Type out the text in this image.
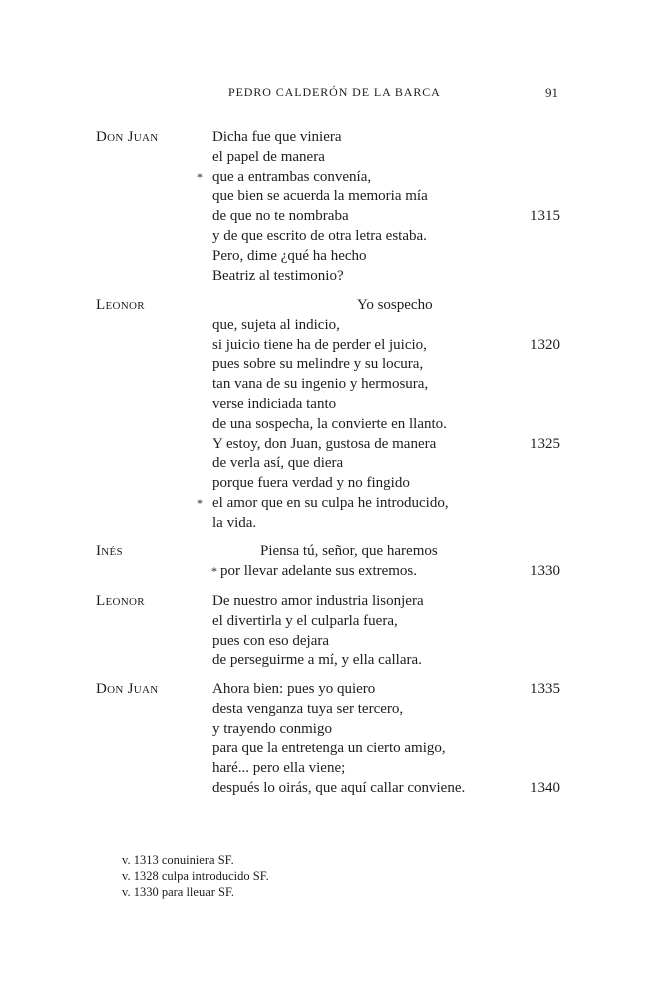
PEDRO CALDERÓN DE LA BARCA	91
Don Juan	Dicha fue que viniera
el papel de manera
* que a entrambas convenía,
que bien se acuerda la memoria mía
de que no te nombraba	1315
y de que escrito de otra letra estaba.
Pero, dime ¿qué ha hecho
Beatriz al testimonio?
Leonor	Yo sospecho
que, sujeta al indicio,
si juicio tiene ha de perder el juicio,	1320
pues sobre su melindre y su locura,
tan vana de su ingenio y hermosura,
verse indiciada tanto
de una sospecha, la convierte en llanto.
Y estoy, don Juan, gustosa de manera	1325
de verla así, que diera
porque fuera verdad y no fingido
* el amor que en su culpa he introducido,
la vida.
Inés	Piensa tú, señor, que haremos
* por llevar adelante sus extremos.	1330
Leonor	De nuestro amor industria lisonjera
el divertirla y el culparla fuera,
pues con eso dejara
de perseguirme a mí, y ella callara.
Don Juan	Ahora bien: pues yo quiero	1335
desta venganza tuya ser tercero,
y trayendo conmigo
para que la entretenga un cierto amigo,
haré... pero ella viene;
después lo oirás, que aquí callar conviene.	1340
v. 1313 conuiniera SF.
v. 1328 culpa introducido SF.
v. 1330 para lleuar SF.
